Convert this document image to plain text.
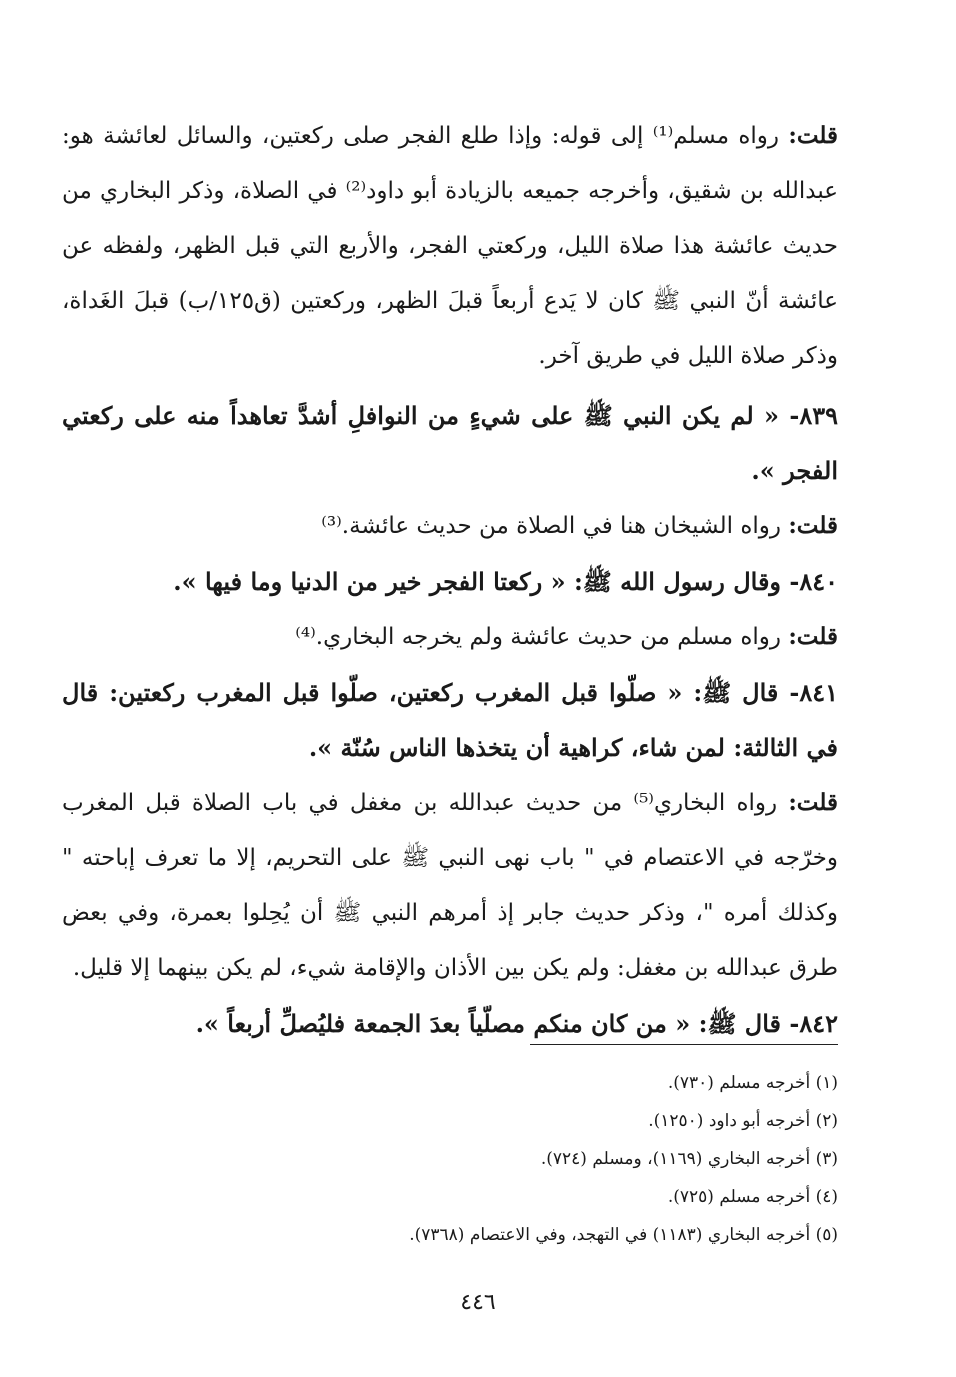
قلت: رواه مسلم⁽¹⁾ إلى قوله: وإذا طلع الفجر صلى ركعتين، والسائل لعائشة هو: عبدالله بن شقيق، وأخرجه جميعه بالزيادة أبو داود⁽²⁾ في الصلاة، وذكر البخاري من حديث عائشة هذا صلاة الليل، وركعتي الفجر، والأربع التي قبل الظهر، ولفظه عن عائشة أنّ النبي ﷺ كان لا يَدع أربعاً قبلَ الظهر، وركعتين (ق١٢٥/ب) قبلَ الغَداة، وذكر صلاة الليل في طريق آخر.

٨٣٩- « لم يكن النبي ﷺ على شيءٍ من النوافلِ أشدَّ تعاهداً منه على ركعتي الفجر ».

قلت: رواه الشيخان هنا في الصلاة من حديث عائشة.⁽³⁾

٨٤٠- وقال رسول الله ﷺ: « ركعتا الفجر خير من الدنيا وما فيها ».

قلت: رواه مسلم من حديث عائشة ولم يخرجه البخاري.⁽⁴⁾

٨٤١- قال ﷺ: « صلّوا قبل المغرب ركعتين، صلّوا قبل المغرب ركعتين: قال في الثالثة: لمن شاء، كراهية أن يتخذها الناس سُنّة ».

قلت: رواه البخاري⁽⁵⁾ من حديث عبدالله بن مغفل في باب الصلاة قبل المغرب وخرّجه في الاعتصام في " باب نهى النبي ﷺ على التحريم، إلا ما تعرف إباحته " وكذلك أمره "، وذكر حديث جابر إذ أمرهم النبي ﷺ أن يُحِلوا بعمرة، وفي بعض طرق عبدالله بن مغفل: ولم يكن بين الأذان والإقامة شيء، لم يكن بينهما إلا قليل.

٨٤٢- قال ﷺ: « من كان منكم مصلّياً بعدَ الجمعة فليُصلِّ أربعاً ».

(١) أخرجه مسلم (٧٣٠).

(٢) أخرجه أبو داود (١٢٥٠).

(٣) أخرجه البخاري (١١٦٩)، ومسلم (٧٢٤).

(٤) أخرجه مسلم (٧٢٥).

(٥) أخرجه البخاري (١١٨٣) في التهجد، وفي الاعتصام (٧٣٦٨).

٤٤٦
